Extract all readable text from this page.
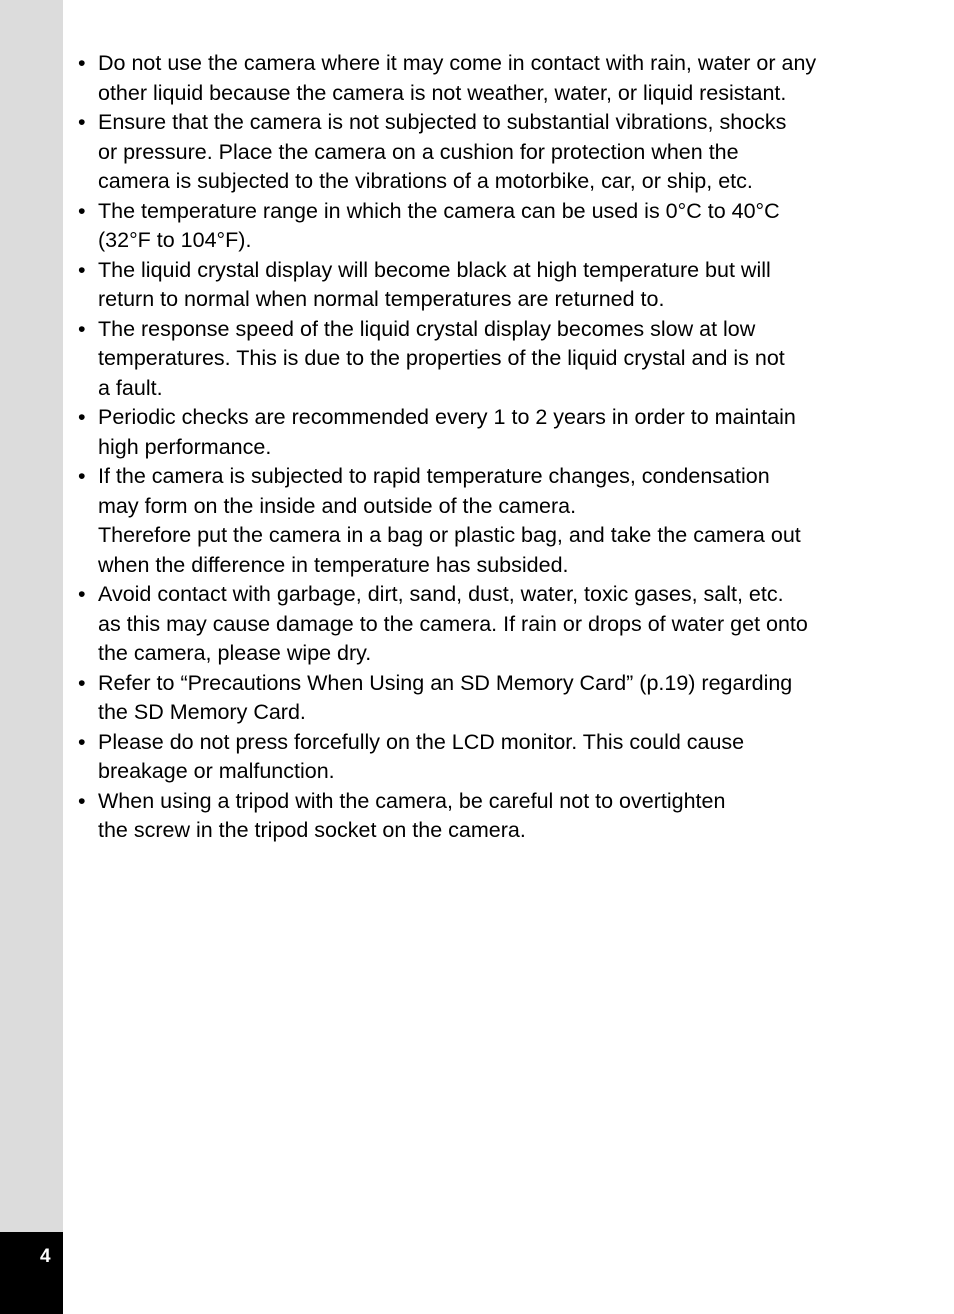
4
• Do not use the camera where it may come in contact with rain, water or any
other liquid because the camera is not weather, water, or liquid resistant.
• Ensure that the camera is not subjected to substantial vibrations, shocks
or pressure. Place the camera on a cushion for protection when the
camera is subjected to the vibrations of a motorbike, car, or ship, etc.
• The temperature range in which the camera can be used is 0°C to 40°C
(32°F to 104°F).
• The liquid crystal display will become black at high temperature but will
return to normal when normal temperatures are returned to.
• The response speed of the liquid crystal display becomes slow at low
temperatures. This is due to the properties of the liquid crystal and is not
a fault.
• Periodic checks are recommended every 1 to 2 years in order to maintain
high performance.
• If the camera is subjected to rapid temperature changes, condensation
may form on the inside and outside of the camera.
Therefore put the camera in a bag or plastic bag, and take the camera out
when the difference in temperature has subsided.
• Avoid contact with garbage, dirt, sand, dust, water, toxic gases, salt, etc.
as this may cause damage to the camera. If rain or drops of water get onto
the camera, please wipe dry.
• Refer to “Precautions When Using an SD Memory Card” (p.19) regarding
the SD Memory Card.
• Please do not press forcefully on the LCD monitor. This could cause
breakage or malfunction.
• When using a tripod with the camera, be careful not to overtighten
the screw in the tripod socket on the camera.
